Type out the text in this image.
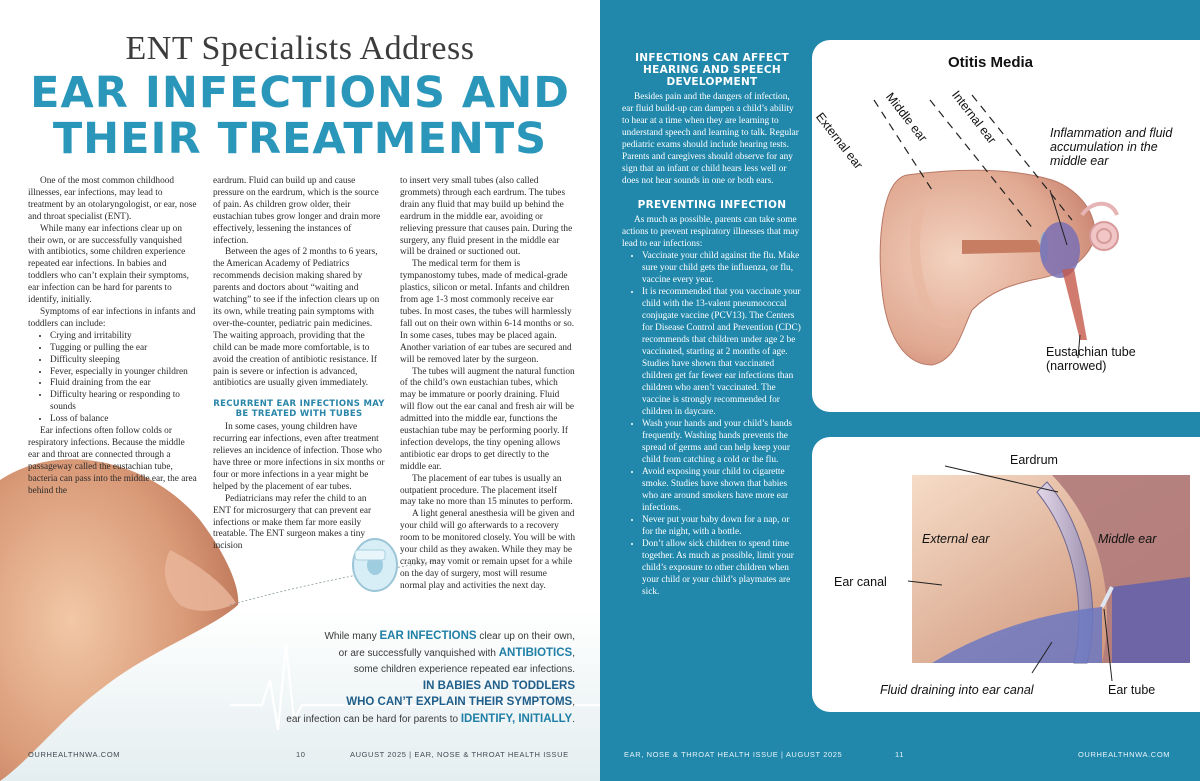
ENT Specialists Address
EAR INFECTIONS AND
THEIR TREATMENTS

One of the most common childhood illnesses, ear infections, may lead to treatment by an otolaryngologist, or ear, nose and throat specialist (ENT).

While many ear infections clear up on their own, or are successfully vanquished with antibiotics, some children experience repeated ear infections. In babies and toddlers who can’t explain their symptoms, ear infection can be hard for parents to identify, initially.

Symptoms of ear infections in infants and toddlers can include:

• Crying and irritability
• Tugging or pulling the ear
• Difficulty sleeping
• Fever, especially in younger children
• Fluid draining from the ear
• Difficulty hearing or responding to sounds
• Loss of balance

Ear infections often follow colds or respiratory infections. Because the middle ear and throat are connected through a passageway called the eustachian tube, bacteria can pass into the middle ear, the area behind the

eardrum. Fluid can build up and cause pressure on the eardrum, which is the source of pain. As children grow older, their eustachian tubes grow longer and drain more effectively, lessening the instances of infection.

Between the ages of 2 months to 6 years, the American Academy of Pediatrics recommends decision making shared by parents and doctors about “waiting and watching” to see if the infection clears up on its own, while treating pain symptoms with over-the-counter, pediatric pain medicines. The waiting approach, providing that the child can be made more comfortable, is to avoid the creation of antibiotic resistance. If pain is severe or infection is advanced, antibiotics are usually given immediately.

RECURRENT EAR INFECTIONS MAY BE TREATED WITH TUBES

In some cases, young children have recurring ear infections, even after treatment relieves an incidence of infection. Those who have three or more infections in six months or four or more infections in a year might be helped by the placement of ear tubes.

Pediatricians may refer the child to an ENT for microsurgery that can prevent ear infections or make them far more easily treatable. The ENT surgeon makes a tiny incision

to insert very small tubes (also called grommets) through each eardrum. The tubes drain any fluid that may build up behind the eardrum in the middle ear, avoiding or relieving pressure that causes pain. During the surgery, any fluid present in the middle ear will be drained or suctioned out.

The medical term for them is tympanostomy tubes, made of medical-grade plastics, silicon or metal. Infants and children from age 1-3 most commonly receive ear tubes. In most cases, the tubes will harmlessly fall out on their own within 6-14 months or so. In some cases, tubes may be placed again. Another variation of ear tubes are secured and will be removed later by the surgeon.

The tubes will augment the natural function of the child’s own eustachian tubes, which may be immature or poorly draining. Fluid will flow out the ear canal and fresh air will be admitted into the middle ear, functions the eustachian tube may be performing poorly. If infection develops, the tiny opening allows antibiotic ear drops to get directly to the middle ear.

The placement of ear tubes is usually an outpatient procedure. The placement itself may take no more than 15 minutes to perform.

A light general anesthesia will be given and your child will go afterwards to a recovery room to be monitored closely. You will be with your child as they awaken. While they may be cranky, may vomit or remain upset for a while on the day of surgery, most will resume normal play and activities the next day.

While many EAR INFECTIONS clear up on their own,
or are successfully vanquished with ANTIBIOTICS,
some children experience repeated ear infections.
IN BABIES AND TODDLERS
WHO CAN’T EXPLAIN THEIR SYMPTOMS,
ear infection can be hard for parents to IDENTIFY, INITIALLY.
OURHEALTHNWA.COM	10	AUGUST 2025 | EAR, NOSE & THROAT HEALTH ISSUE
INFECTIONS CAN AFFECT HEARING AND SPEECH DEVELOPMENT

Besides pain and the dangers of infection, ear fluid build-up can dampen a child’s ability to hear at a time when they are learning to understand speech and learning to talk. Regular pediatric exams should include hearing tests. Parents and caregivers should observe for any sign that an infant or child hears less well or does not hear sounds in one or both ears.

PREVENTING INFECTION

As much as possible, parents can take some actions to prevent respiratory illnesses that may lead to ear infections:

• Vaccinate your child against the flu. Make sure your child gets the influenza, or flu, vaccine every year.
• It is recommended that you vaccinate your child with the 13-valent pneumococcal conjugate vaccine (PCV13). The Centers for Disease Control and Prevention (CDC) recommends that children under age 2 be vaccinated, starting at 2 months of age. Studies have shown that vaccinated children get far fewer ear infections than children who aren’t vaccinated. The vaccine is strongly recommended for children in daycare.
• Wash your hands and your child’s hands frequently. Washing hands prevents the spread of germs and can help keep your child from catching a cold or the flu.
• Avoid exposing your child to cigarette smoke. Studies have shown that babies who are around smokers have more ear infections.
• Never put your baby down for a nap, or for the night, with a bottle.
• Don’t allow sick children to spend time together. As much as possible, limit your child’s exposure to other children when your child or your child’s playmates are sick.
Otitis Media
External ear Middle ear Internal ear	Inflammation and fluid accumulation in the middle ear
Eustachian tube (narrowed)
Eardrum
External ear	Middle ear
Ear canal
Fluid draining into ear canal	Ear tube
EAR, NOSE & THROAT HEALTH ISSUE | AUGUST 2025	11	OURHEALTHNWA.COM
